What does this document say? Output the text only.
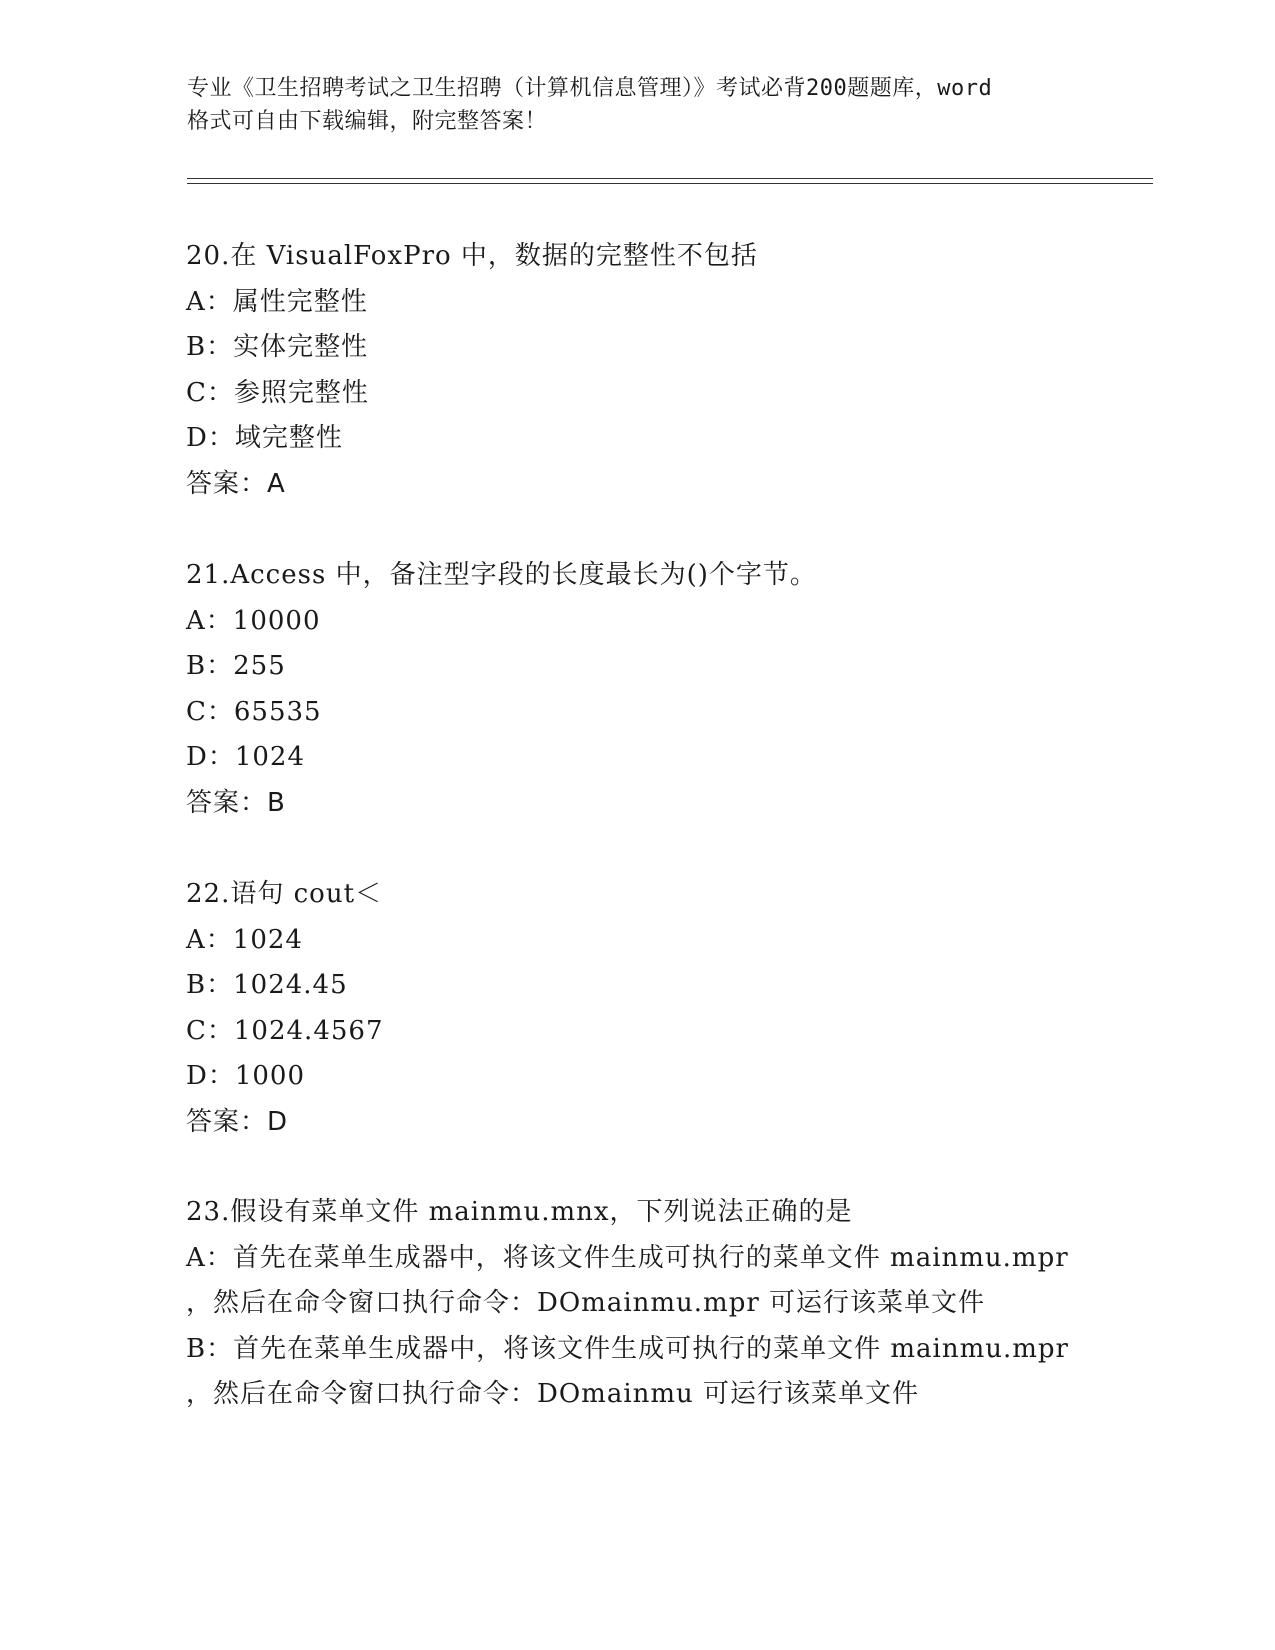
专业《卫生招聘考试之卫生招聘（计算机信息管理）》考试必背200题题库，word
格式可自由下载编辑，附完整答案！
20.在 VisualFoxPro 中，数据的完整性不包括
A：属性完整性
B：实体完整性
C：参照完整性
D：域完整性
答案：A
21.Access 中，备注型字段的长度最长为()个字节。
A：10000
B：255
C：65535
D：1024
答案：B
22.语句 cout＜
A：1024
B：1024.45
C：1024.4567
D：1000
答案：D
23.假设有菜单文件 mainmu.mnx，下列说法正确的是
A：首先在菜单生成器中，将该文件生成可执行的菜单文件 mainmu.mpr
，然后在命令窗口执行命令：DOmainmu.mpr 可运行该菜单文件
B：首先在菜单生成器中，将该文件生成可执行的菜单文件 mainmu.mpr
，然后在命令窗口执行命令：DOmainmu 可运行该菜单文件
